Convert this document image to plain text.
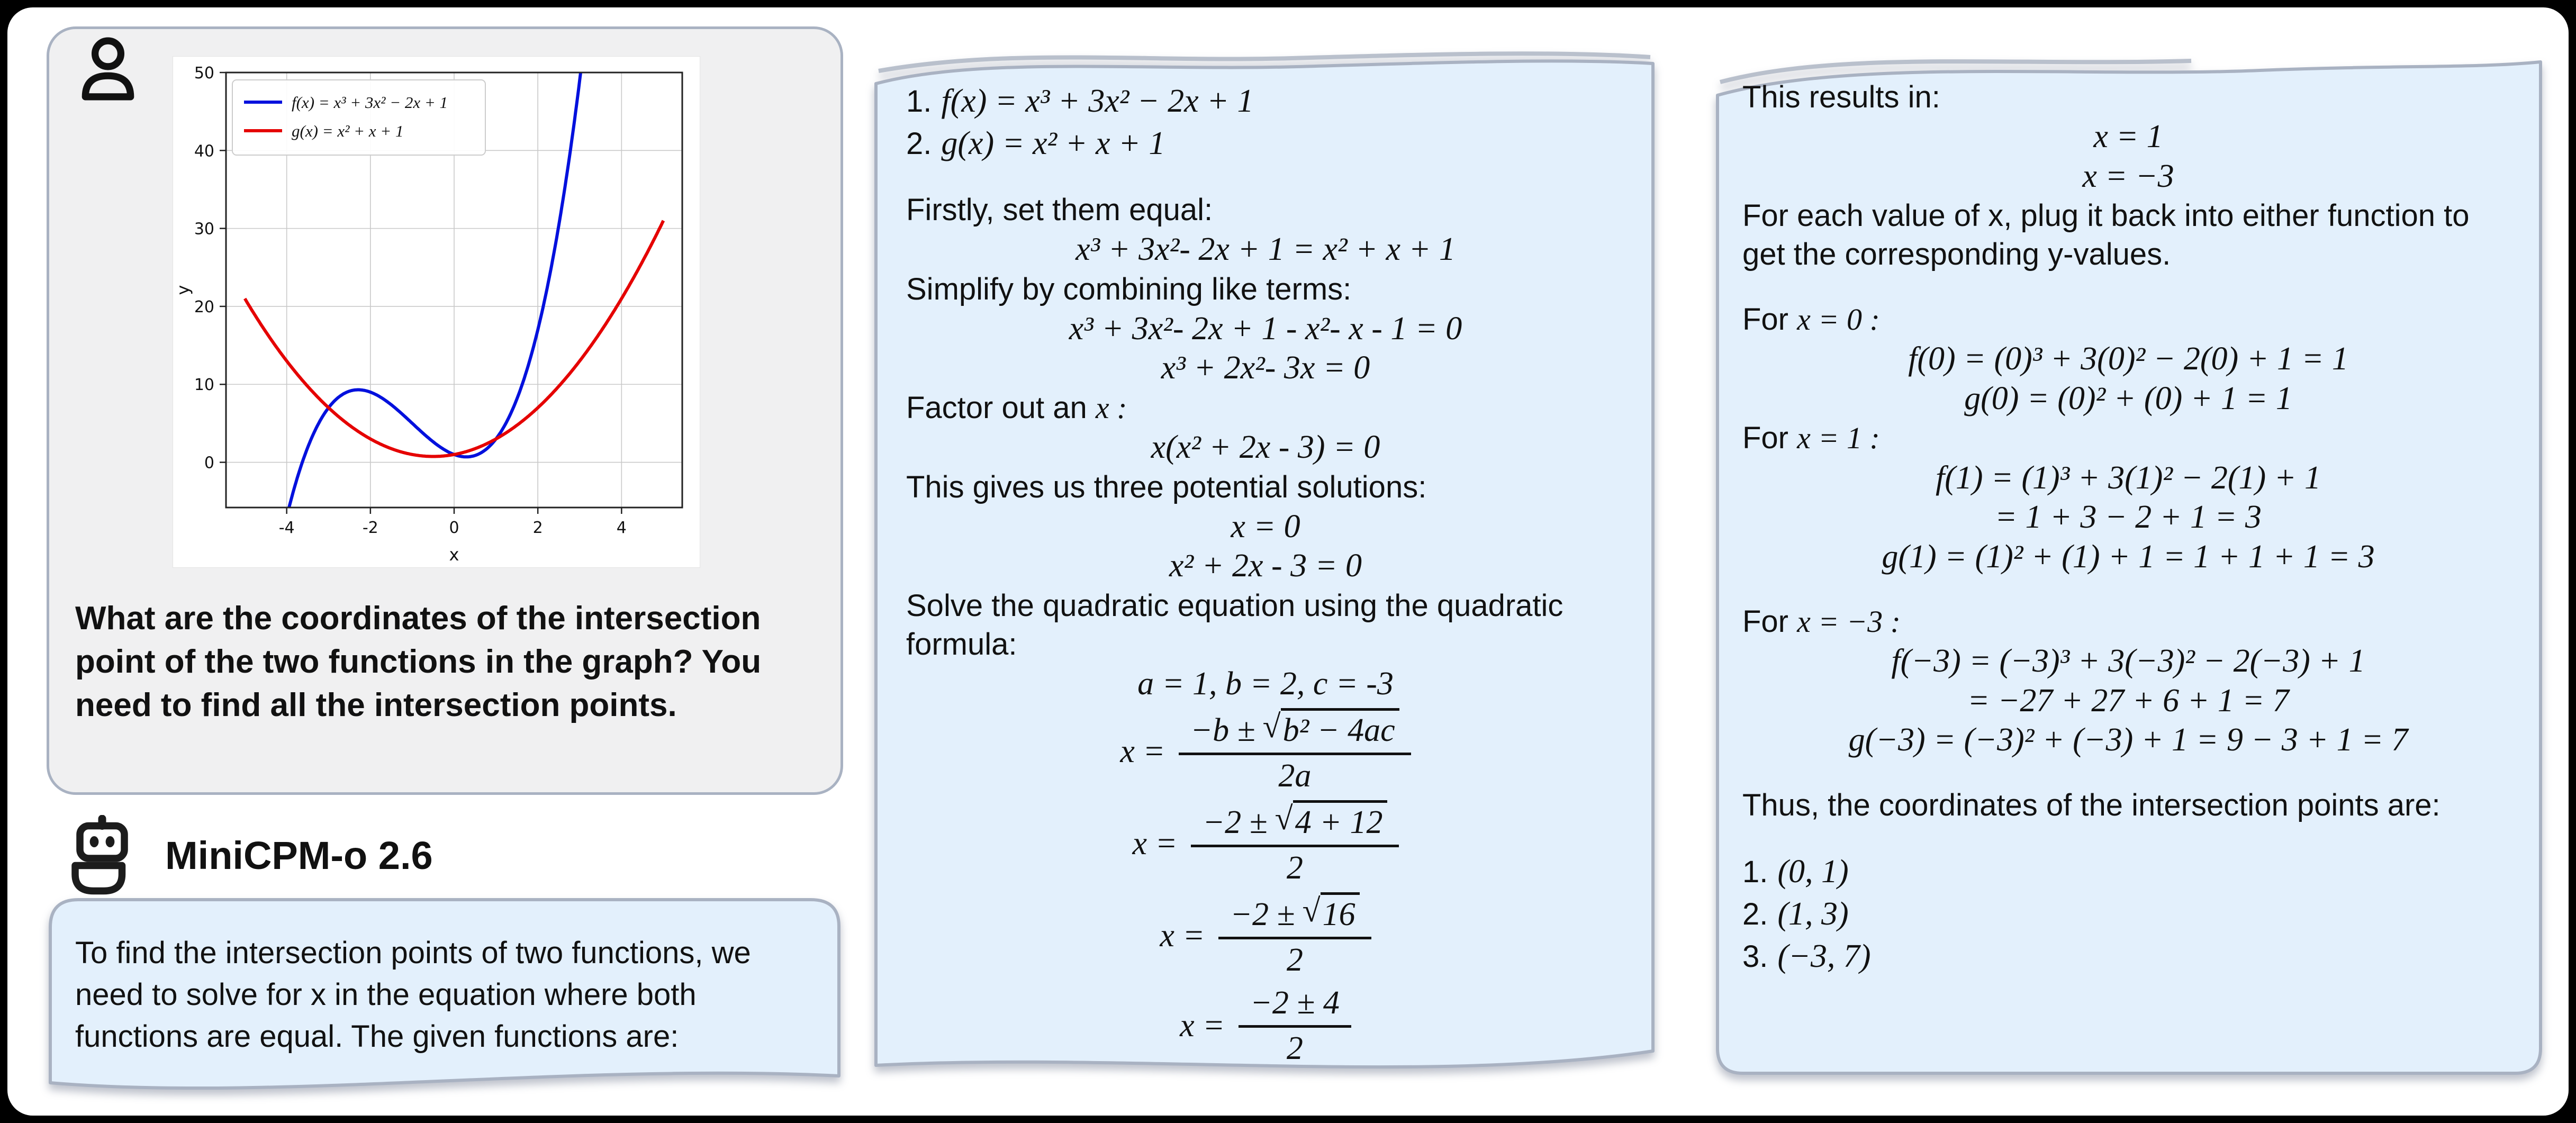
-4	-2	0	2	4
0
10
20
30
40
50
x
y
f(x) = x³ + 3x² − 2x + 1
g(x) = x² + x + 1
What are the coordinates of the intersection point of the two functions in the graph? You need to find all the intersection points.
MiniCPM-o 2.6
To find the intersection points of two functions, we need to solve for x in the equation where both functions are equal. The given functions are:
1. f(x) = x³ + 3x² − 2x + 1
2. g(x) = x² + x + 1
Firstly, set them equal:
x³ + 3x²- 2x + 1 = x² + x + 1
Simplify by combining like terms:
x³ + 3x²- 2x + 1 - x²- x - 1 = 0
x³ + 2x²- 3x = 0
Factor out an x :
x(x² + 2x - 3) = 0
This gives us three potential solutions:
x = 0
x² + 2x - 3 = 0
Solve the quadratic equation using the quadratic formula:
a = 1, b = 2, c = -3
$x = \frac{\text{−b ± √ b² − 4ac}}{2a}$
$x = \frac{-2 \pm √ 4 + 12}{2}$
$x = \frac{-2 \pm √ 16}{2}$
$x = \frac{-2 \pm 4}{2}$
This results in:
x = 1
x = −3
For each value of x, plug it back into either function to get the corresponding y-values.
For x = 0 :
f(0) = (0)³ + 3(0)² − 2(0) + 1 = 1
g(0) = (0)² + (0) + 1 = 1
For x = 1 :
f(1) = (1)³ + 3(1)² − 2(1) + 1
= 1 + 3 − 2 + 1 = 3
g(1) = (1)² + (1) + 1 = 1 + 1 + 1 = 3
For x = −3 :
f(−3) = (−3)³ + 3(−3)² − 2(−3) + 1
= −27 + 27 + 6 + 1 = 7
g(−3) = (−3)² + (−3) + 1 = 9 − 3 + 1 = 7
Thus, the coordinates of the intersection points are:
1. (0, 1)
2. (1, 3)
3. (−3, 7)
